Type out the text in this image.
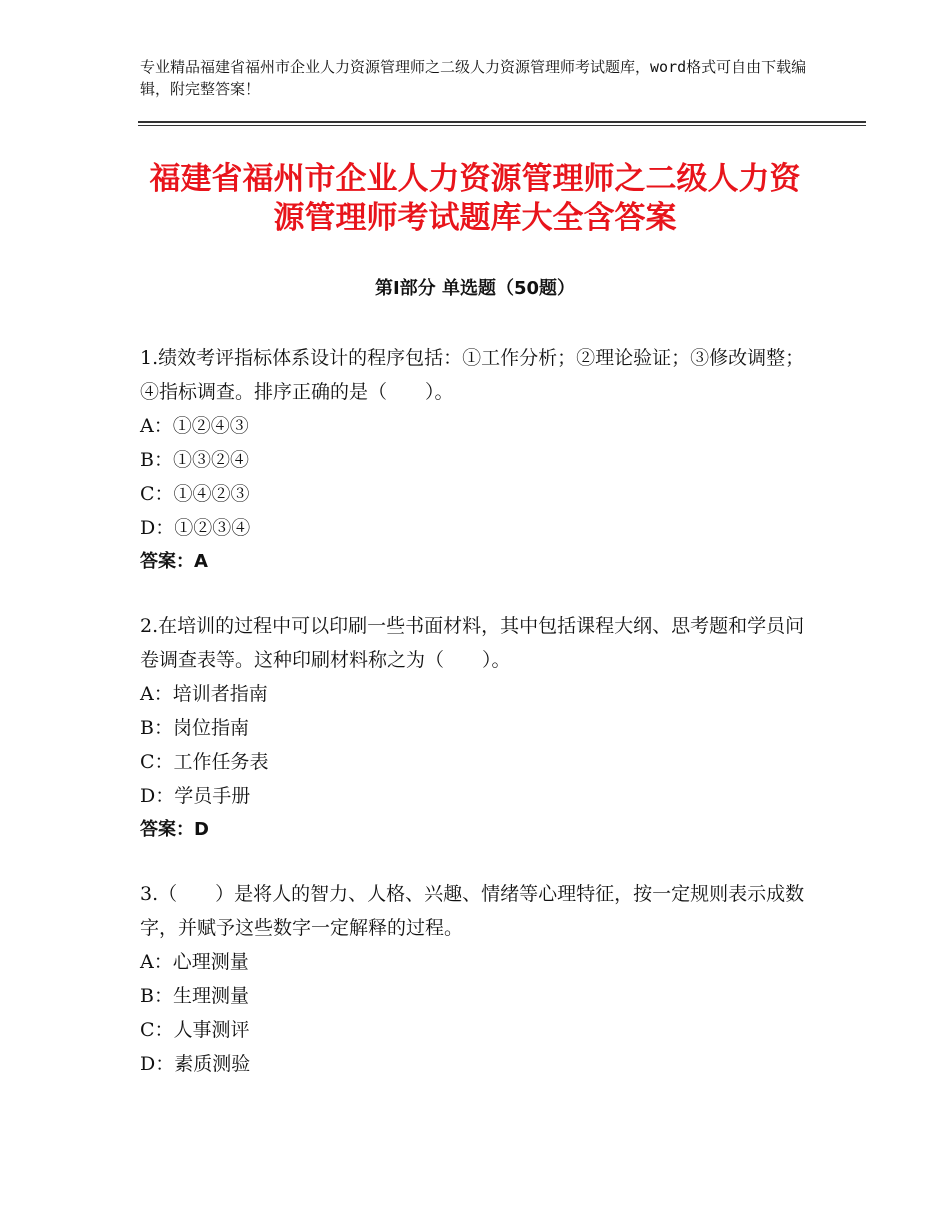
专业精品福建省福州市企业人力资源管理师之二级人力资源管理师考试题库，word格式可自由下载编辑，附完整答案！
福建省福州市企业人力资源管理师之二级人力资源管理师考试题库大全含答案
第Ⅰ部分 单选题（50题）
1.绩效考评指标体系设计的程序包括：①工作分析；②理论验证；③修改调整；④指标调查。排序正确的是（　　）。
A：①②④③
B：①③②④
C：①④②③
D：①②③④
答案：A
2.在培训的过程中可以印刷一些书面材料，其中包括课程大纲、思考题和学员问卷调查表等。这种印刷材料称之为（　　）。
A：培训者指南
B：岗位指南
C：工作任务表
D：学员手册
答案：D
3.（　　）是将人的智力、人格、兴趣、情绪等心理特征，按一定规则表示成数字，并赋予这些数字一定解释的过程。
A：心理测量
B：生理测量
C：人事测评
D：素质测验
